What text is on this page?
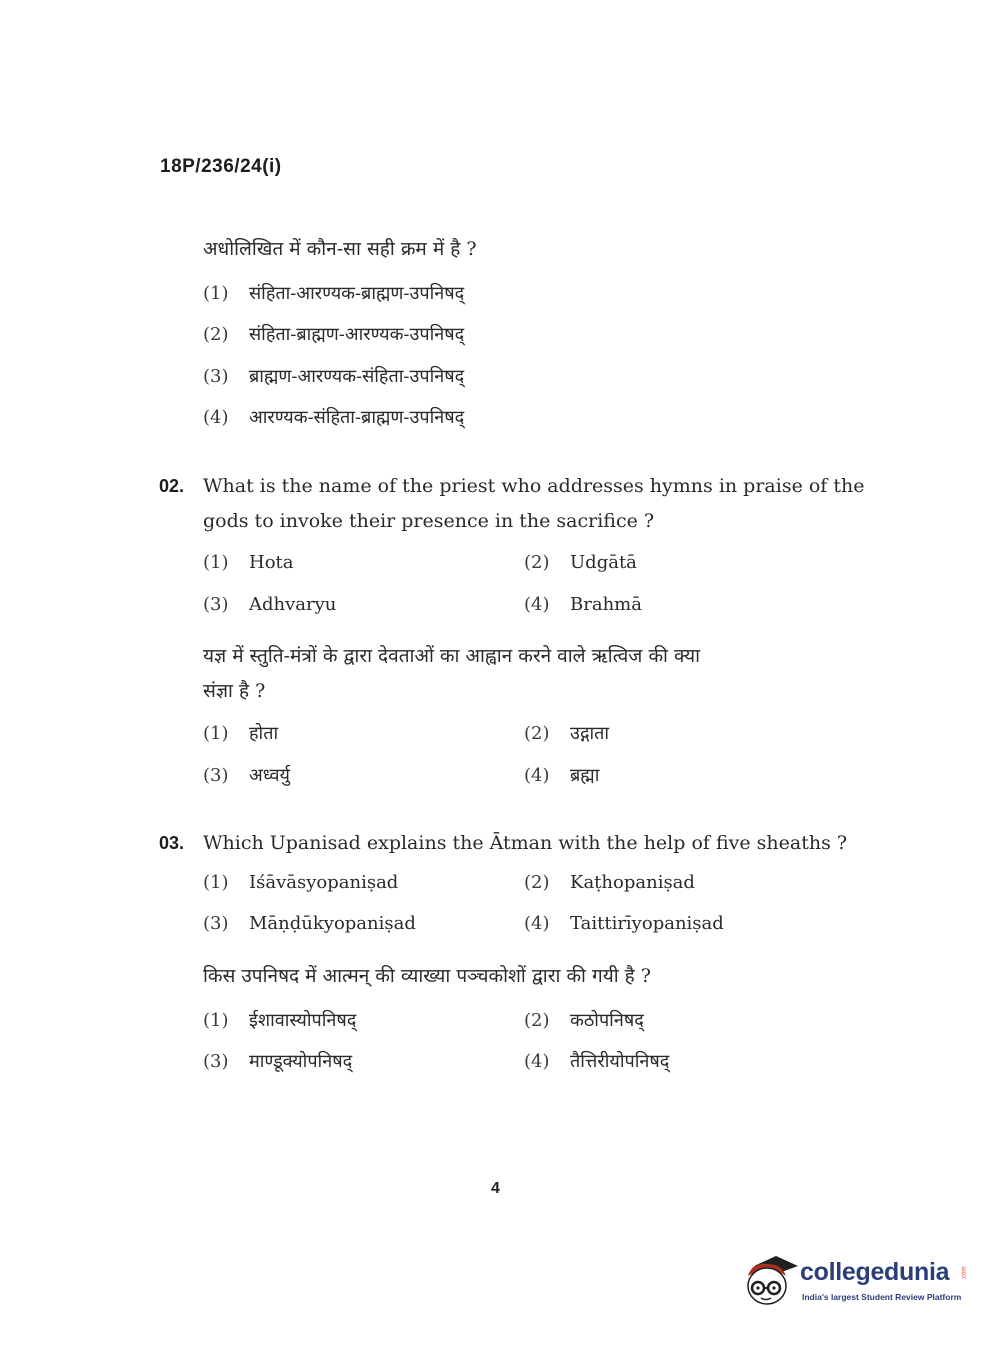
18P/236/24(i)
अधोलिखित में कौन-सा सही क्रम में है ?
(1) संहिता-आरण्यक-ब्राह्मण-उपनिषद्
(2) संहिता-ब्राह्मण-आरण्यक-उपनिषद्
(3) ब्राह्मण-आरण्यक-संहिता-उपनिषद्
(4) आरण्यक-संहिता-ब्राह्मण-उपनिषद्
02. What is the name of the priest who addresses hymns in praise of the
gods to invoke their presence in the sacrifice ?
(1) Hota	(2) Udgātā
(3) Adhvaryu	(4) Brahmā
यज्ञ में स्तुति-मंत्रों के द्वारा देवताओं का आह्वान करने वाले ऋत्विज की क्या
संज्ञा है ?
(1) होता	(2) उद्गाता
(3) अध्वर्यु	(4) ब्रह्मा
03. Which Upanisad explains the Ātman with the help of five sheaths ?
(1) Iśāvāsyopaniṣad	(2) Kaṭhopaniṣad
(3) Māṇḍūkyopaniṣad	(4) Taittirīyopaniṣad
किस उपनिषद में आत्मन् की व्याख्या पञ्चकोशों द्वारा की गयी है ?
(1) ईशावास्योपनिषद्	(2) कठोपनिषद्
(3) माण्डूक्योपनिषद्	(4) तैत्तिरीयोपनिषद्
4
collegedunia .com
India's largest Student Review Platform
